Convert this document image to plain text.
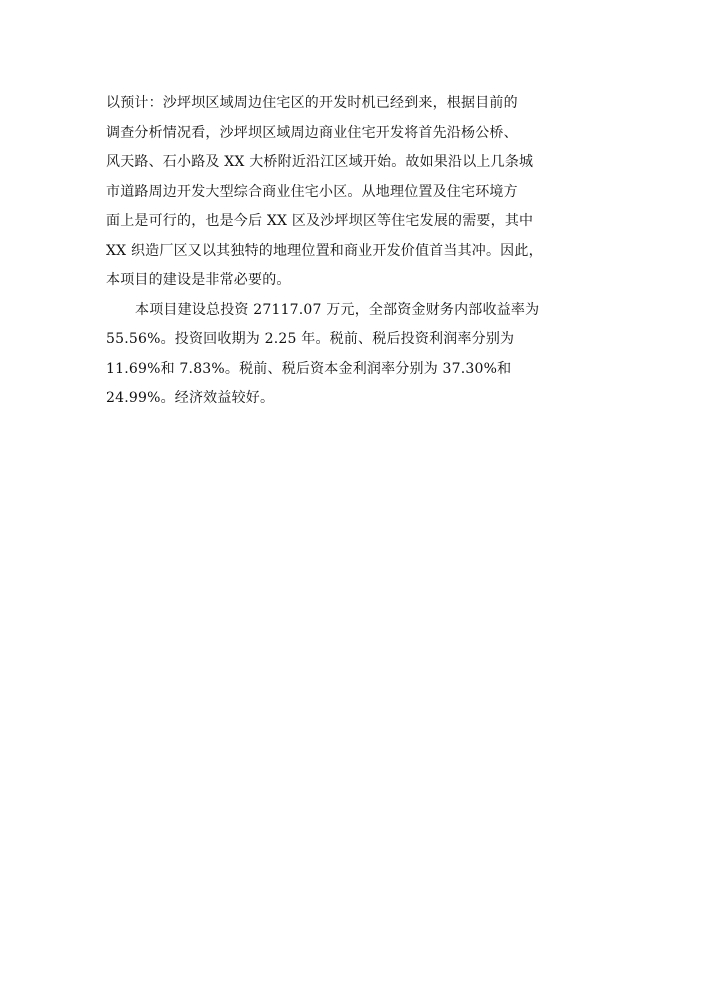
以预计：沙坪坝区域周边住宅区的开发时机已经到来，根据目前的
调查分析情况看，沙坪坝区域周边商业住宅开发将首先沿杨公桥、
风天路、石小路及 XX 大桥附近沿江区域开始。故如果沿以上几条城
市道路周边开发大型综合商业住宅小区。从地理位置及住宅环境方
面上是可行的，也是今后 XX 区及沙坪坝区等住宅发展的需要，其中
XX 织造厂区又以其独特的地理位置和商业开发价值首当其冲。因此，
本项目的建设是非常必要的。
本项目建设总投资 27117.07 万元，全部资金财务内部收益率为
55.56%。投资回收期为 2.25 年。税前、税后投资利润率分别为
11.69%和 7.83%。税前、税后资本金利润率分别为 37.30%和
24.99%。经济效益较好。
